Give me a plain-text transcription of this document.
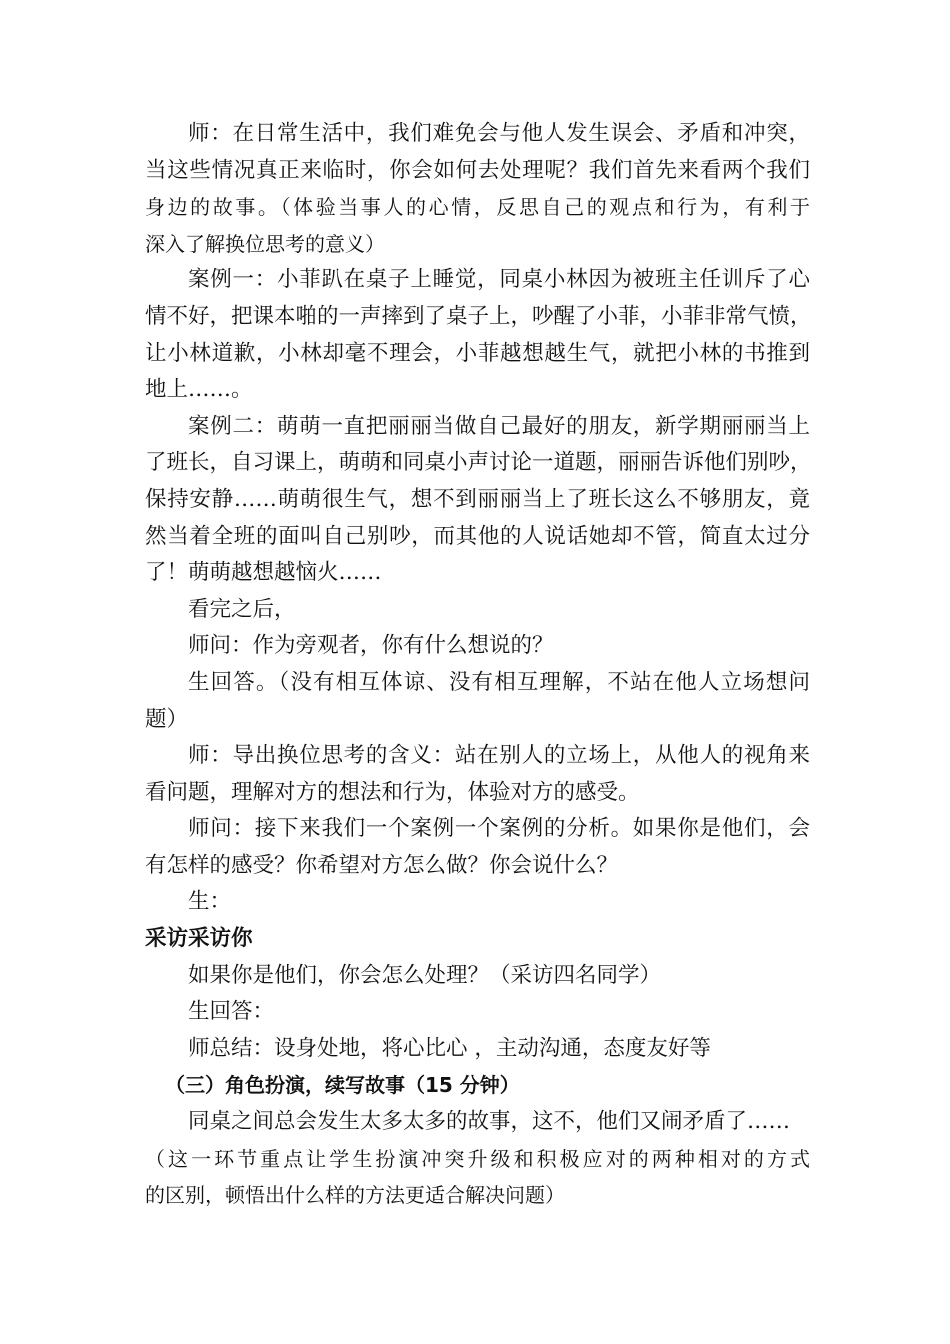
师：在日常生活中，我们难免会与他人发生误会、矛盾和冲突，
当这些情况真正来临时，你会如何去处理呢？我们首先来看两个我们
身边的故事。（体验当事人的心情，反思自己的观点和行为，有利于
深入了解换位思考的意义）
案例一：小菲趴在桌子上睡觉，同桌小林因为被班主任训斥了心
情不好，把课本啪的一声摔到了桌子上，吵醒了小菲，小菲非常气愤，
让小林道歉，小林却毫不理会，小菲越想越生气，就把小林的书推到
地上……。
案例二：萌萌一直把丽丽当做自己最好的朋友，新学期丽丽当上
了班长，自习课上，萌萌和同桌小声讨论一道题，丽丽告诉他们别吵，
保持安静……萌萌很生气，想不到丽丽当上了班长这么不够朋友，竟
然当着全班的面叫自己别吵，而其他的人说话她却不管，简直太过分
了！萌萌越想越恼火……
看完之后，
师问：作为旁观者，你有什么想说的？
生回答。（没有相互体谅、没有相互理解，不站在他人立场想问
题）
师：导出换位思考的含义：站在别人的立场上，从他人的视角来
看问题，理解对方的想法和行为，体验对方的感受。
师问：接下来我们一个案例一个案例的分析。如果你是他们，会
有怎样的感受？你希望对方怎么做？你会说什么？
生：
采访采访你
如果你是他们，你会怎么处理？（采访四名同学）
生回答：
师总结：设身处地，将心比心 ，主动沟通，态度友好等
（三）角色扮演，续写故事（15 分钟）
同桌之间总会发生太多太多的故事，这不，他们又闹矛盾了……
（这一环节重点让学生扮演冲突升级和积极应对的两种相对的方式
的区别，顿悟出什么样的方法更适合解决问题）
